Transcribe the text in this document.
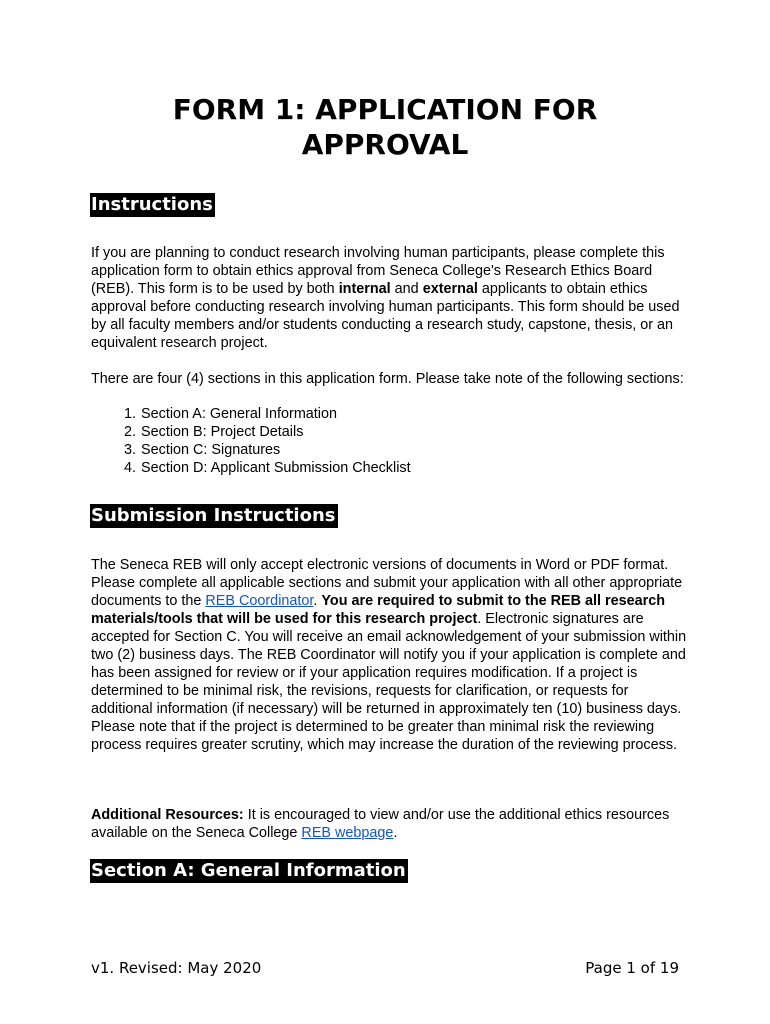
FORM 1: APPLICATION FOR
APPROVAL
Instructions

If you are planning to conduct research involving human participants, please complete this application form to obtain ethics approval from Seneca College's Research Ethics Board (REB). This form is to be used by both internal and external applicants to obtain ethics approval before conducting research involving human participants. This form should be used by all faculty members and/or students conducting a research study, capstone, thesis, or an equivalent research project.

There are four (4) sections in this application form. Please take note of the following sections:

1. Section A: General Information
2. Section B: Project Details
3. Section C: Signatures
4. Section D: Applicant Submission Checklist
Submission Instructions

The Seneca REB will only accept electronic versions of documents in Word or PDF format. Please complete all applicable sections and submit your application with all other appropriate documents to the REB Coordinator. You are required to submit to the REB all research materials/tools that will be used for this research project. Electronic signatures are accepted for Section C. You will receive an email acknowledgement of your submission within two (2) business days. The REB Coordinator will notify you if your application is complete and has been assigned for review or if your application requires modification. If a project is determined to be minimal risk, the revisions, requests for clarification, or requests for additional information (if necessary) will be returned in approximately ten (10) business days. Please note that if the project is determined to be greater than minimal risk the reviewing process requires greater scrutiny, which may increase the duration of the reviewing process.

Additional Resources: It is encouraged to view and/or use the additional ethics resources available on the Seneca College REB webpage.

Section A: General Information

v1. Revised: May 2020	Page 1 of 19
